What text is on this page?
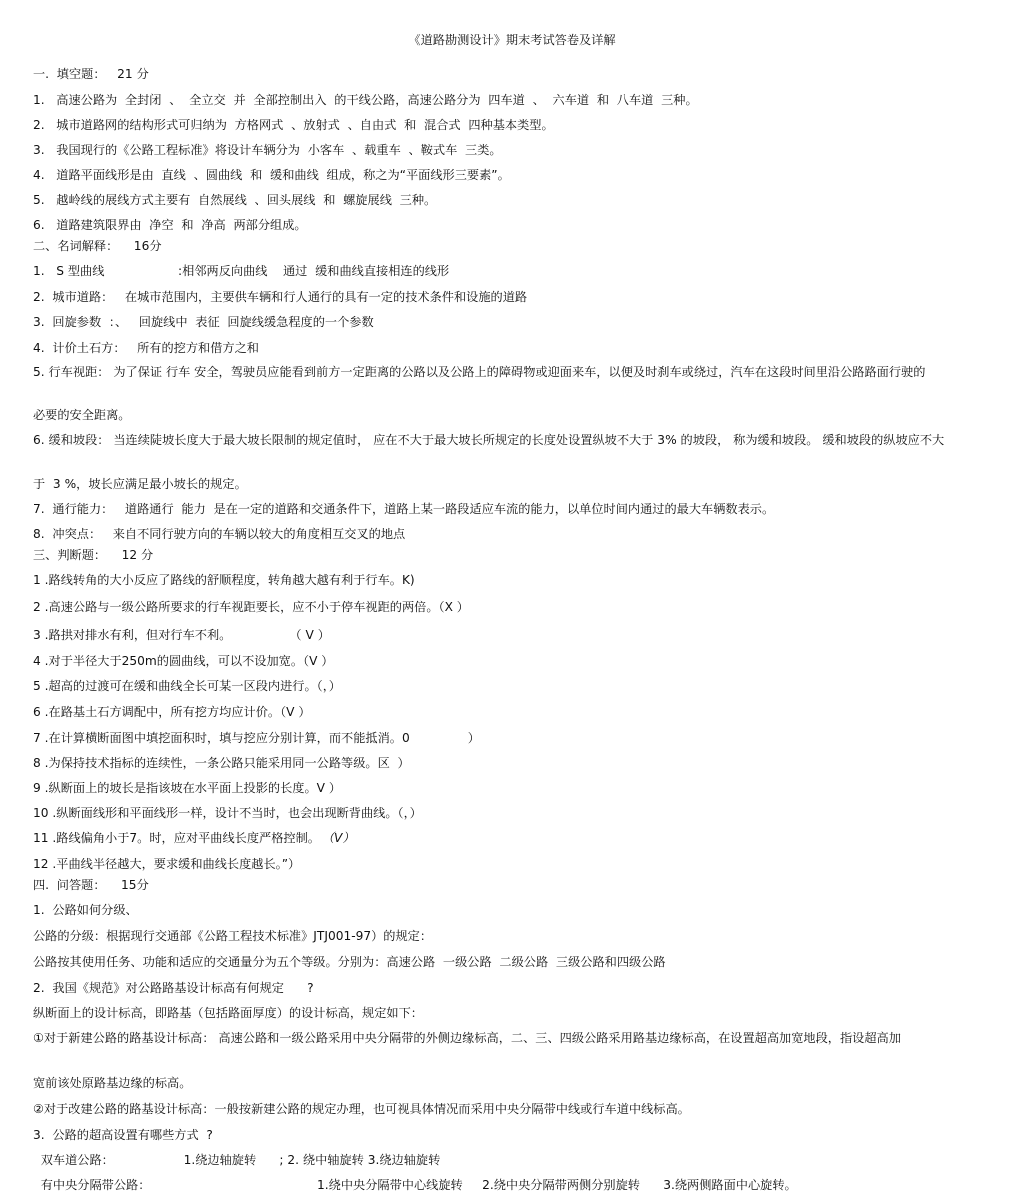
《道路勘测设计》期末考试答卷及详解
一.  填空题：   21 分
1.   高速公路为  全封闭  、  全立交  并  全部控制出入  的干线公路，高速公路分为  四车道  、  六车道  和  八车道  三种。
2.   城市道路网的结构形式可归纳为  方格网式  、放射式  、自由式  和  混合式  四种基本类型。
3.   我国现行的《公路工程标准》将设计车辆分为  小客车  、载重车  、鞍式车  三类。
4.   道路平面线形是由  直线  、圆曲线  和  缓和曲线  组成，称之为“平面线形三要素”。
5.   越岭线的展线方式主要有  自然展线  、回头展线  和  螺旋展线  三种。
6.   道路建筑限界由  净空  和  净高  两部分组成。
二、名词解释：    16分
1.   S 型曲线                   :相邻两反向曲线    通过  缓和曲线直接相连的线形
2.  城市道路：   在城市范围内，主要供车辆和行人通行的具有一定的技术条件和设施的道路
3.  回旋参数  ：、   回旋线中  表征  回旋线缓急程度的一个参数
4.  计价土石方：   所有的挖方和借方之和
5. 行车视距： 为了保证 行车 安全，驾驶员应能看到前方一定距离的公路以及公路上的障碍物或迎面来车，以便及时刹车或绕过，汽车在这段时间里沿公路路面行驶的
必要的安全距离。
6. 缓和坡段： 当连续陡坡长度大于最大坡长限制的规定值时， 应在不大于最大坡长所规定的长度处设置纵坡不大于 3% 的坡段， 称为缓和坡段。 缓和坡段的纵坡应不大
于  3 %，坡长应满足最小坡长的规定。
7.  通行能力：   道路通行  能力  是在一定的道路和交通条件下，道路上某一路段适应车流的能力，以单位时间内通过的最大车辆数表示。
8.  冲突点：   来自不同行驶方向的车辆以较大的角度相互交叉的地点
三、判断题：    12 分
1 .路线转角的大小反应了路线的舒顺程度，转角越大越有利于行车。K)
2 .高速公路与一级公路所要求的行车视距要长，应不小于停车视距的两倍。（X ）
3 .路拱对排水有利，但对行车不利。               （ V ）
4 .对于半径大于250m的圆曲线，可以不设加宽。（V ）
5 .超高的过渡可在缓和曲线全长可某一区段内进行。（，）
6 .在路基土石方调配中，所有挖方均应计价。（V ）
7 .在计算横断面图中填挖面积时，填与挖应分别计算，而不能抵消。0               ）
8 .为保持技术指标的连续性，一条公路只能采用同一公路等级。区  ）
9 .纵断面上的坡长是指该坡在水平面上投影的长度。V ）
10 .纵断面线形和平面线形一样，设计不当时，也会出现断背曲线。（，）
11 .路线偏角小于7。时，应对平曲线长度严格控制。 （V）
12 .平曲线半径越大，要求缓和曲线长度越长。”）
四.  问答题：    15分
1.  公路如何分级、
公路的分级：根据现行交通部《公路工程技术标准》JTJ001-97）的规定：
公路按其使用任务、功能和适应的交通量分为五个等级。分别为：高速公路  一级公路  二级公路  三级公路和四级公路
2.  我国《规范》对公路路基设计标高有何规定      ?
纵断面上的设计标高，即路基（包括路面厚度）的设计标高，规定如下：
①对于新建公路的路基设计标高： 高速公路和一级公路采用中央分隔带的外侧边缘标高，二、三、四级公路采用路基边缘标高，在设置超高加宽地段，指设超高加
宽前该处原路基边缘的标高。
②对于改建公路的路基设计标高：一般按新建公路的规定办理，也可视具体情况而采用中央分隔带中线或行车道中线标高。
3.  公路的超高设置有哪些方式  ?
双车道公路：                  1.绕边轴旋转      ; 2. 绕中轴旋转 3.绕边轴旋转
有中央分隔带公路：                                           1.绕中央分隔带中心线旋转     2.绕中央分隔带两侧分别旋转      3.绕两侧路面中心旋转。
